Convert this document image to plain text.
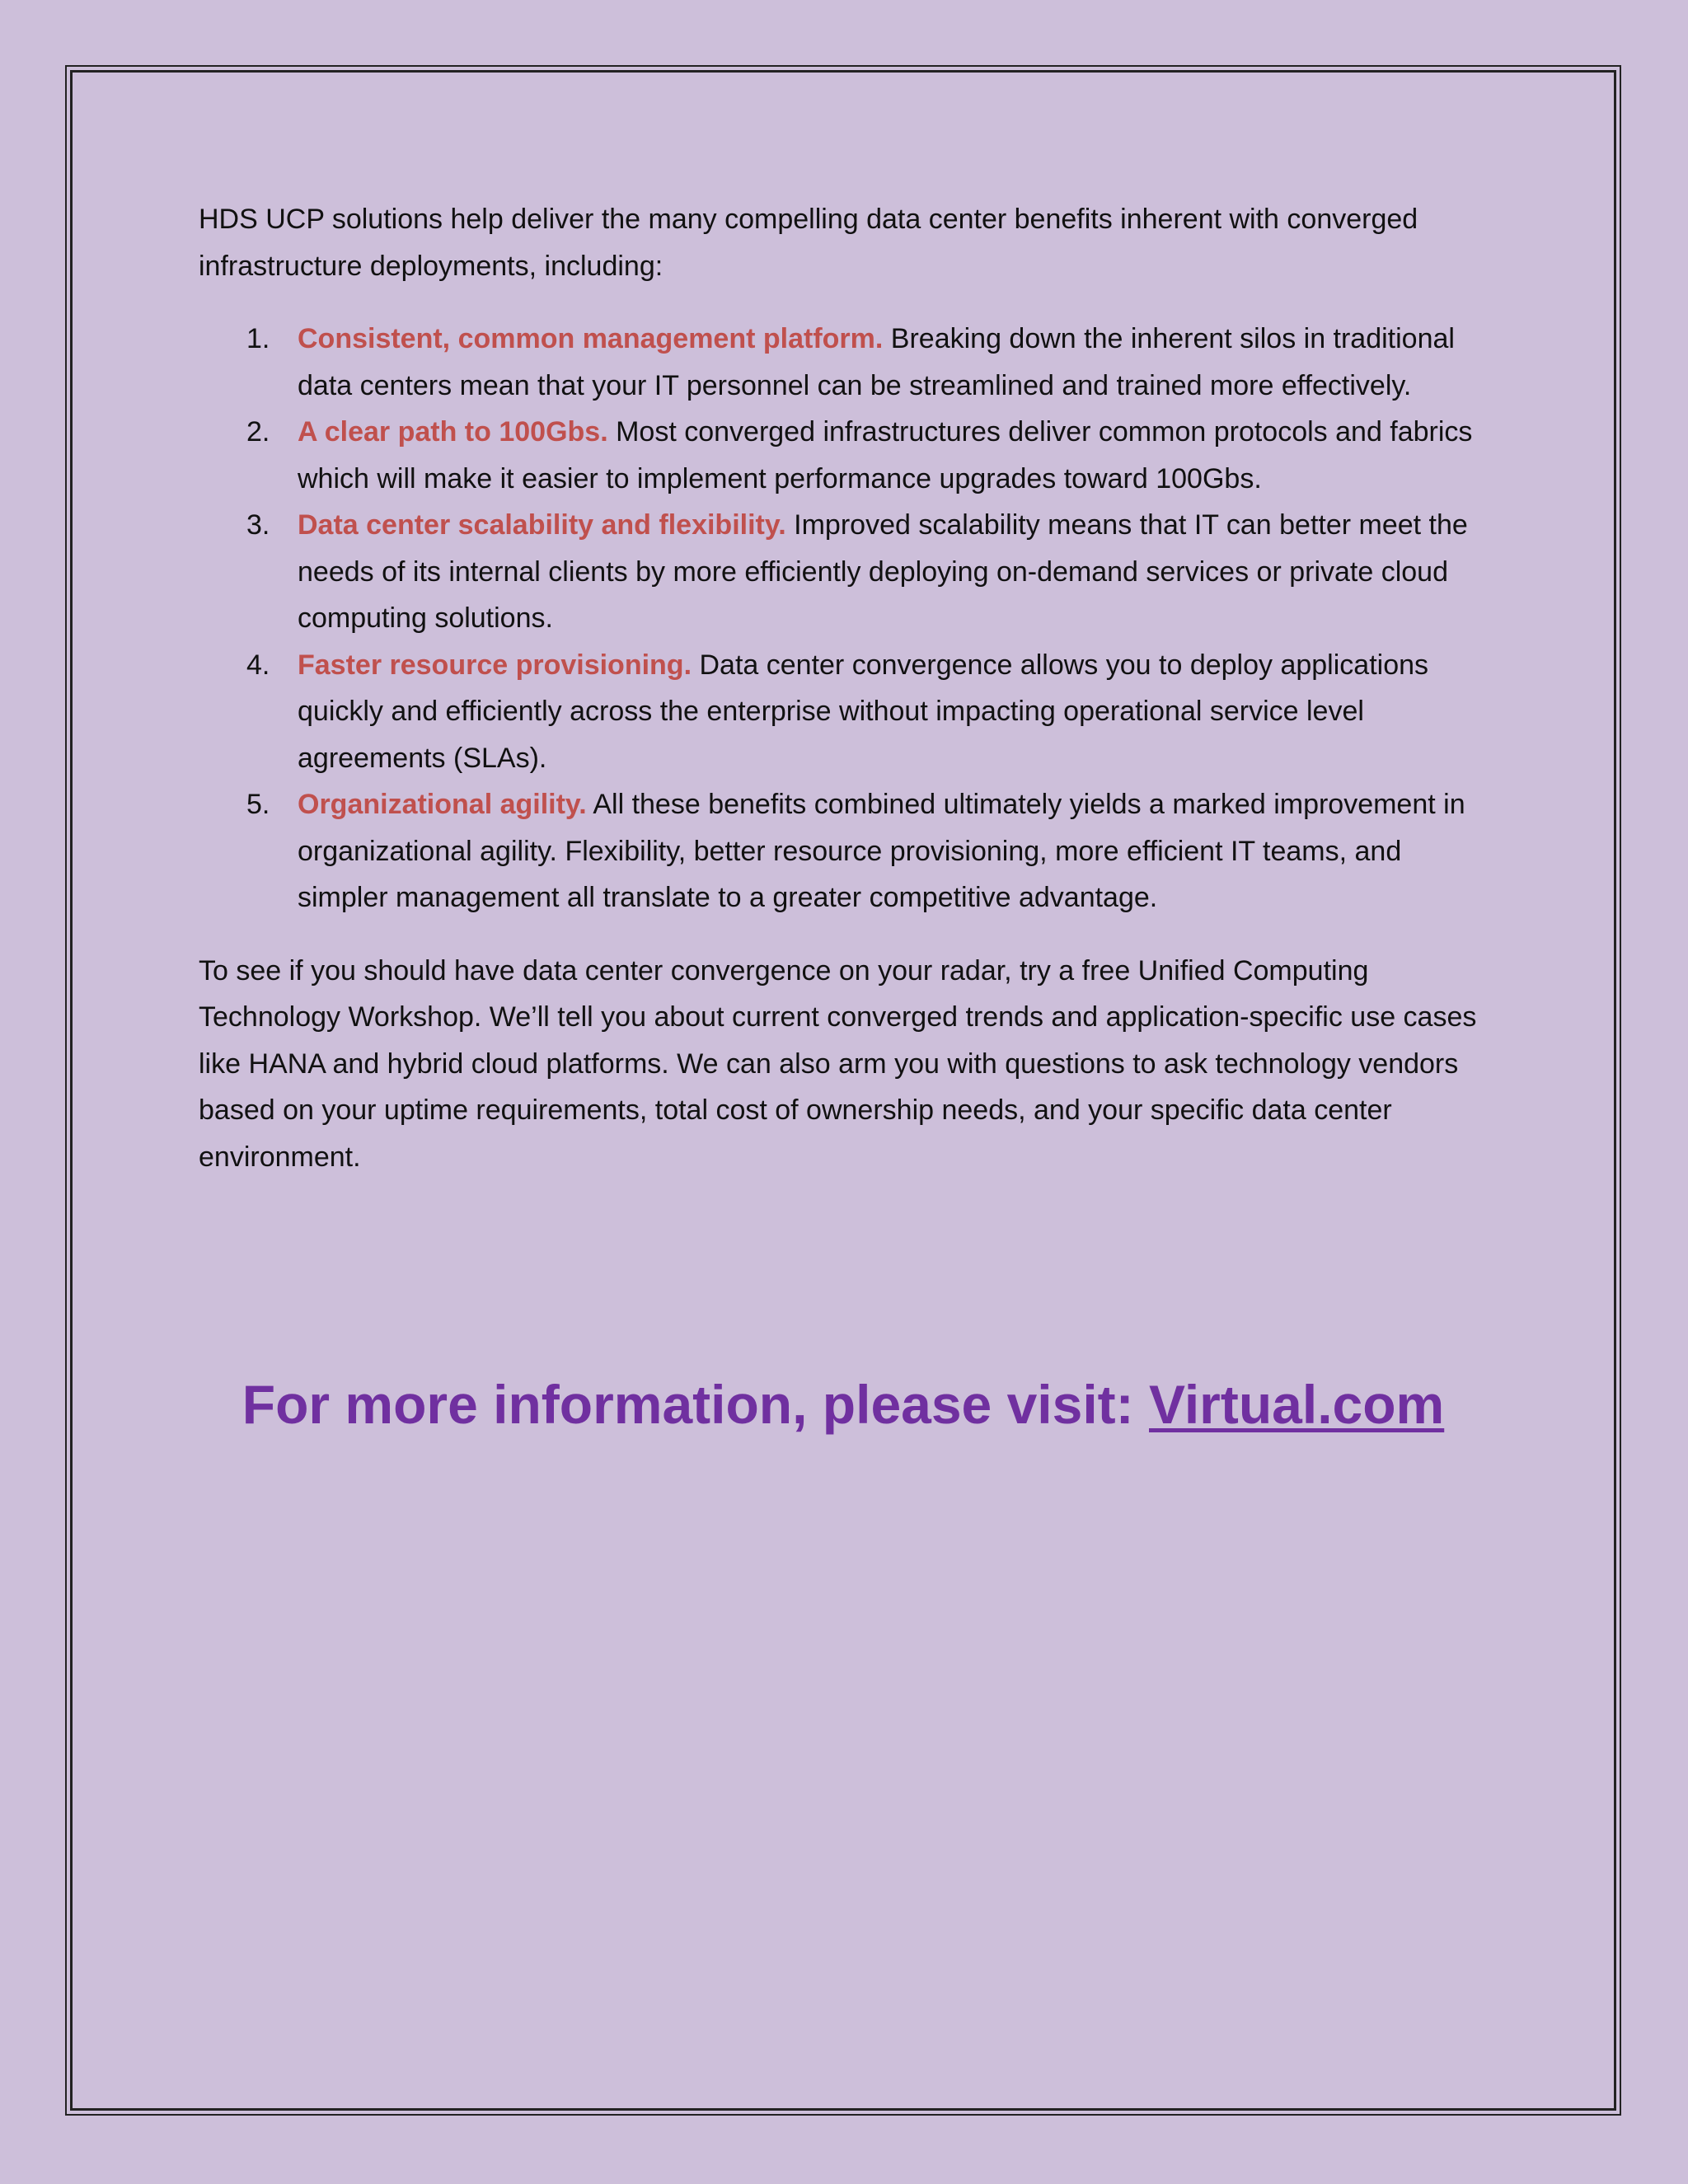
HDS UCP solutions help deliver the many compelling data center benefits inherent with converged infrastructure deployments, including:

1. Consistent, common management platform. Breaking down the inherent silos in traditional data centers mean that your IT personnel can be streamlined and trained more effectively.
2. A clear path to 100Gbs. Most converged infrastructures deliver common protocols and fabrics which will make it easier to implement performance upgrades toward 100Gbs.
3. Data center scalability and flexibility. Improved scalability means that IT can better meet the needs of its internal clients by more efficiently deploying on-demand services or private cloud computing solutions.
4. Faster resource provisioning. Data center convergence allows you to deploy applications quickly and efficiently across the enterprise without impacting operational service level agreements (SLAs).
5. Organizational agility. All these benefits combined ultimately yields a marked improvement in organizational agility. Flexibility, better resource provisioning, more efficient IT teams, and simpler management all translate to a greater competitive advantage.

To see if you should have data center convergence on your radar, try a free Unified Computing Technology Workshop. We’ll tell you about current converged trends and application-specific use cases like HANA and hybrid cloud platforms. We can also arm you with questions to ask technology vendors based on your uptime requirements, total cost of ownership needs, and your specific data center environment.

For more information, please visit: Virtual.com
